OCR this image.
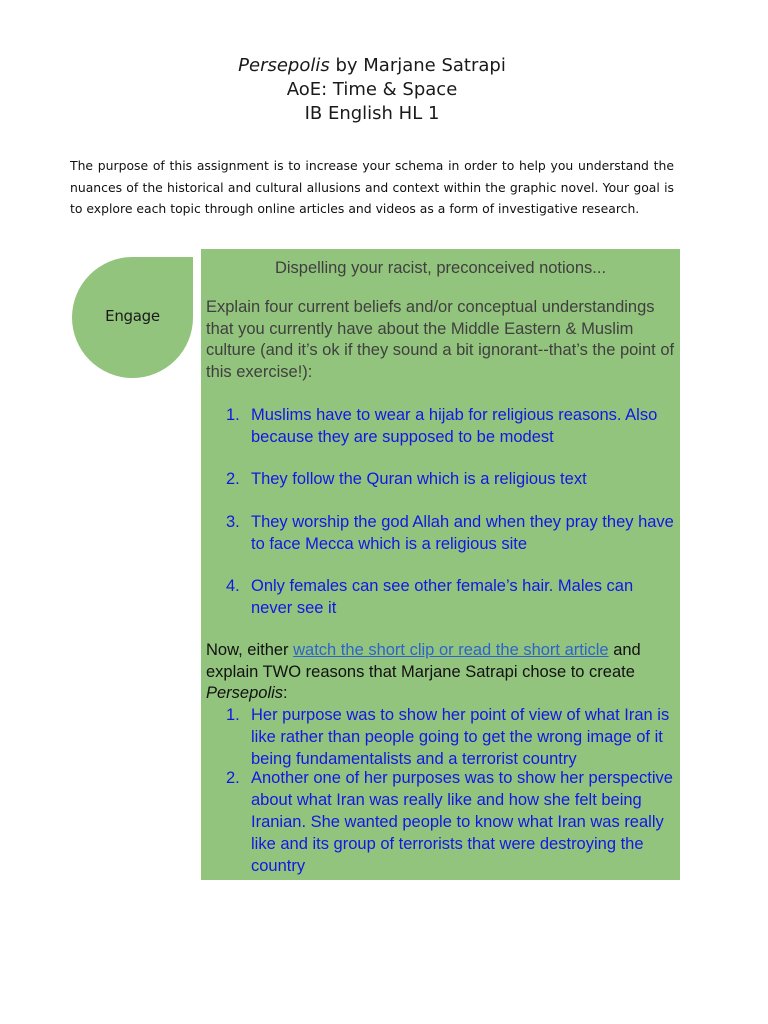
Persepolis by Marjane Satrapi
AoE: Time & Space
IB English HL 1

The purpose of this assignment is to increase your schema in order to help you understand the nuances of the historical and cultural allusions and context within the graphic novel. Your goal is to explore each topic through online articles and videos as a form of investigative research.

Engage
Dispelling your racist, preconceived notions...
Explain four current beliefs and/or conceptual understandings that you currently have about the Middle Eastern & Muslim culture (and it’s ok if they sound a bit ignorant--that’s the point of this exercise!):
1. Muslims have to wear a hijab for religious reasons. Also because they are supposed to be modest
2. They follow the Quran which is a religious text
3. They worship the god Allah and when they pray they have to face Mecca which is a religious site
4. Only females can see other female’s hair. Males can never see it
Now, either watch the short clip or read the short article and explain TWO reasons that Marjane Satrapi chose to create Persepolis:
1. Her purpose was to show her point of view of what Iran is like rather than people going to get the wrong image of it being fundamentalists and a terrorist country
2. Another one of her purposes was to show her perspective about what Iran was really like and how she felt being Iranian. She wanted people to know what Iran was really like and its group of terrorists that were destroying the country
